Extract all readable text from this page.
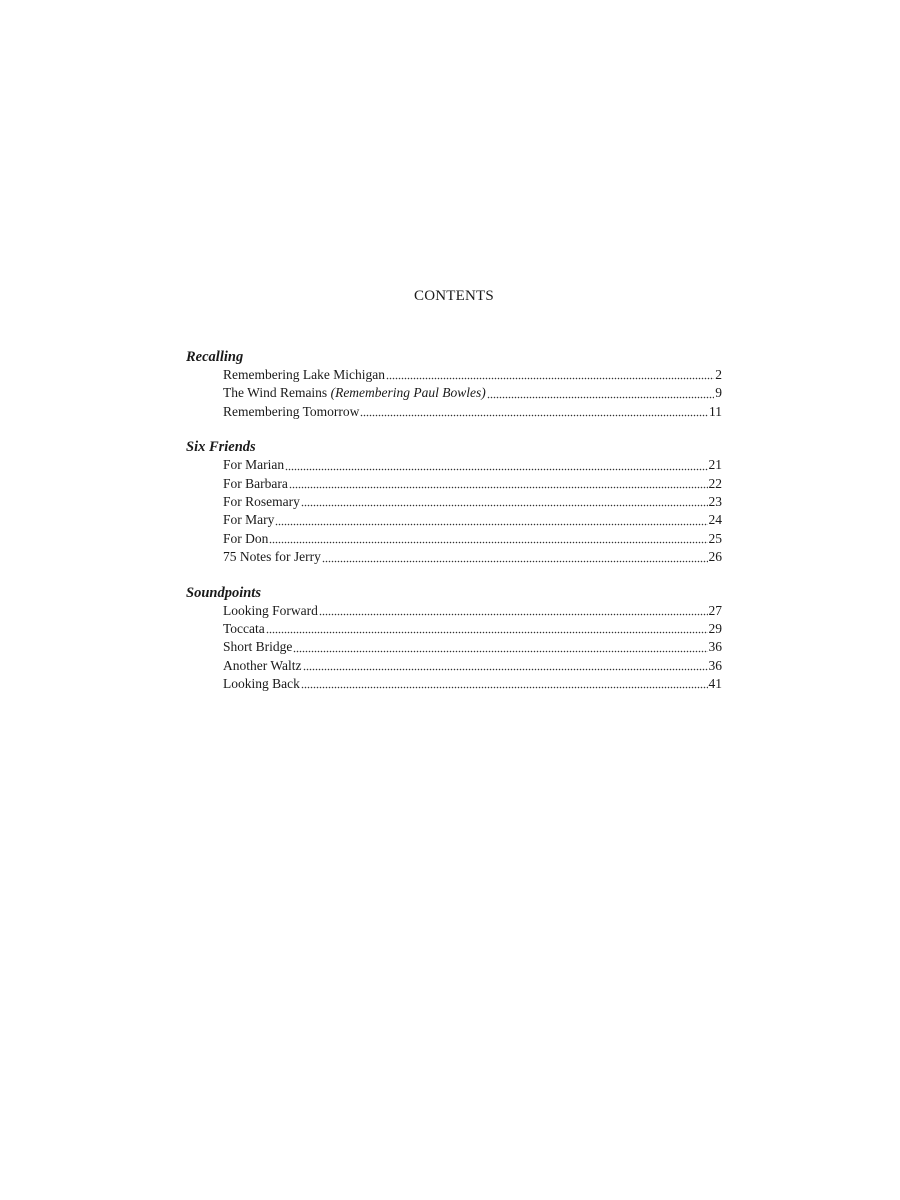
CONTENTS
Recalling
Remembering Lake Michigan	2
The Wind Remains (Remembering Paul Bowles)	9
Remembering Tomorrow	11
Six Friends
For Marian	21
For Barbara	22
For Rosemary	23
For Mary	24
For Don	25
75 Notes for Jerry	26
Soundpoints
Looking Forward	27
Toccata	29
Short Bridge	36
Another Waltz	36
Looking Back	41
